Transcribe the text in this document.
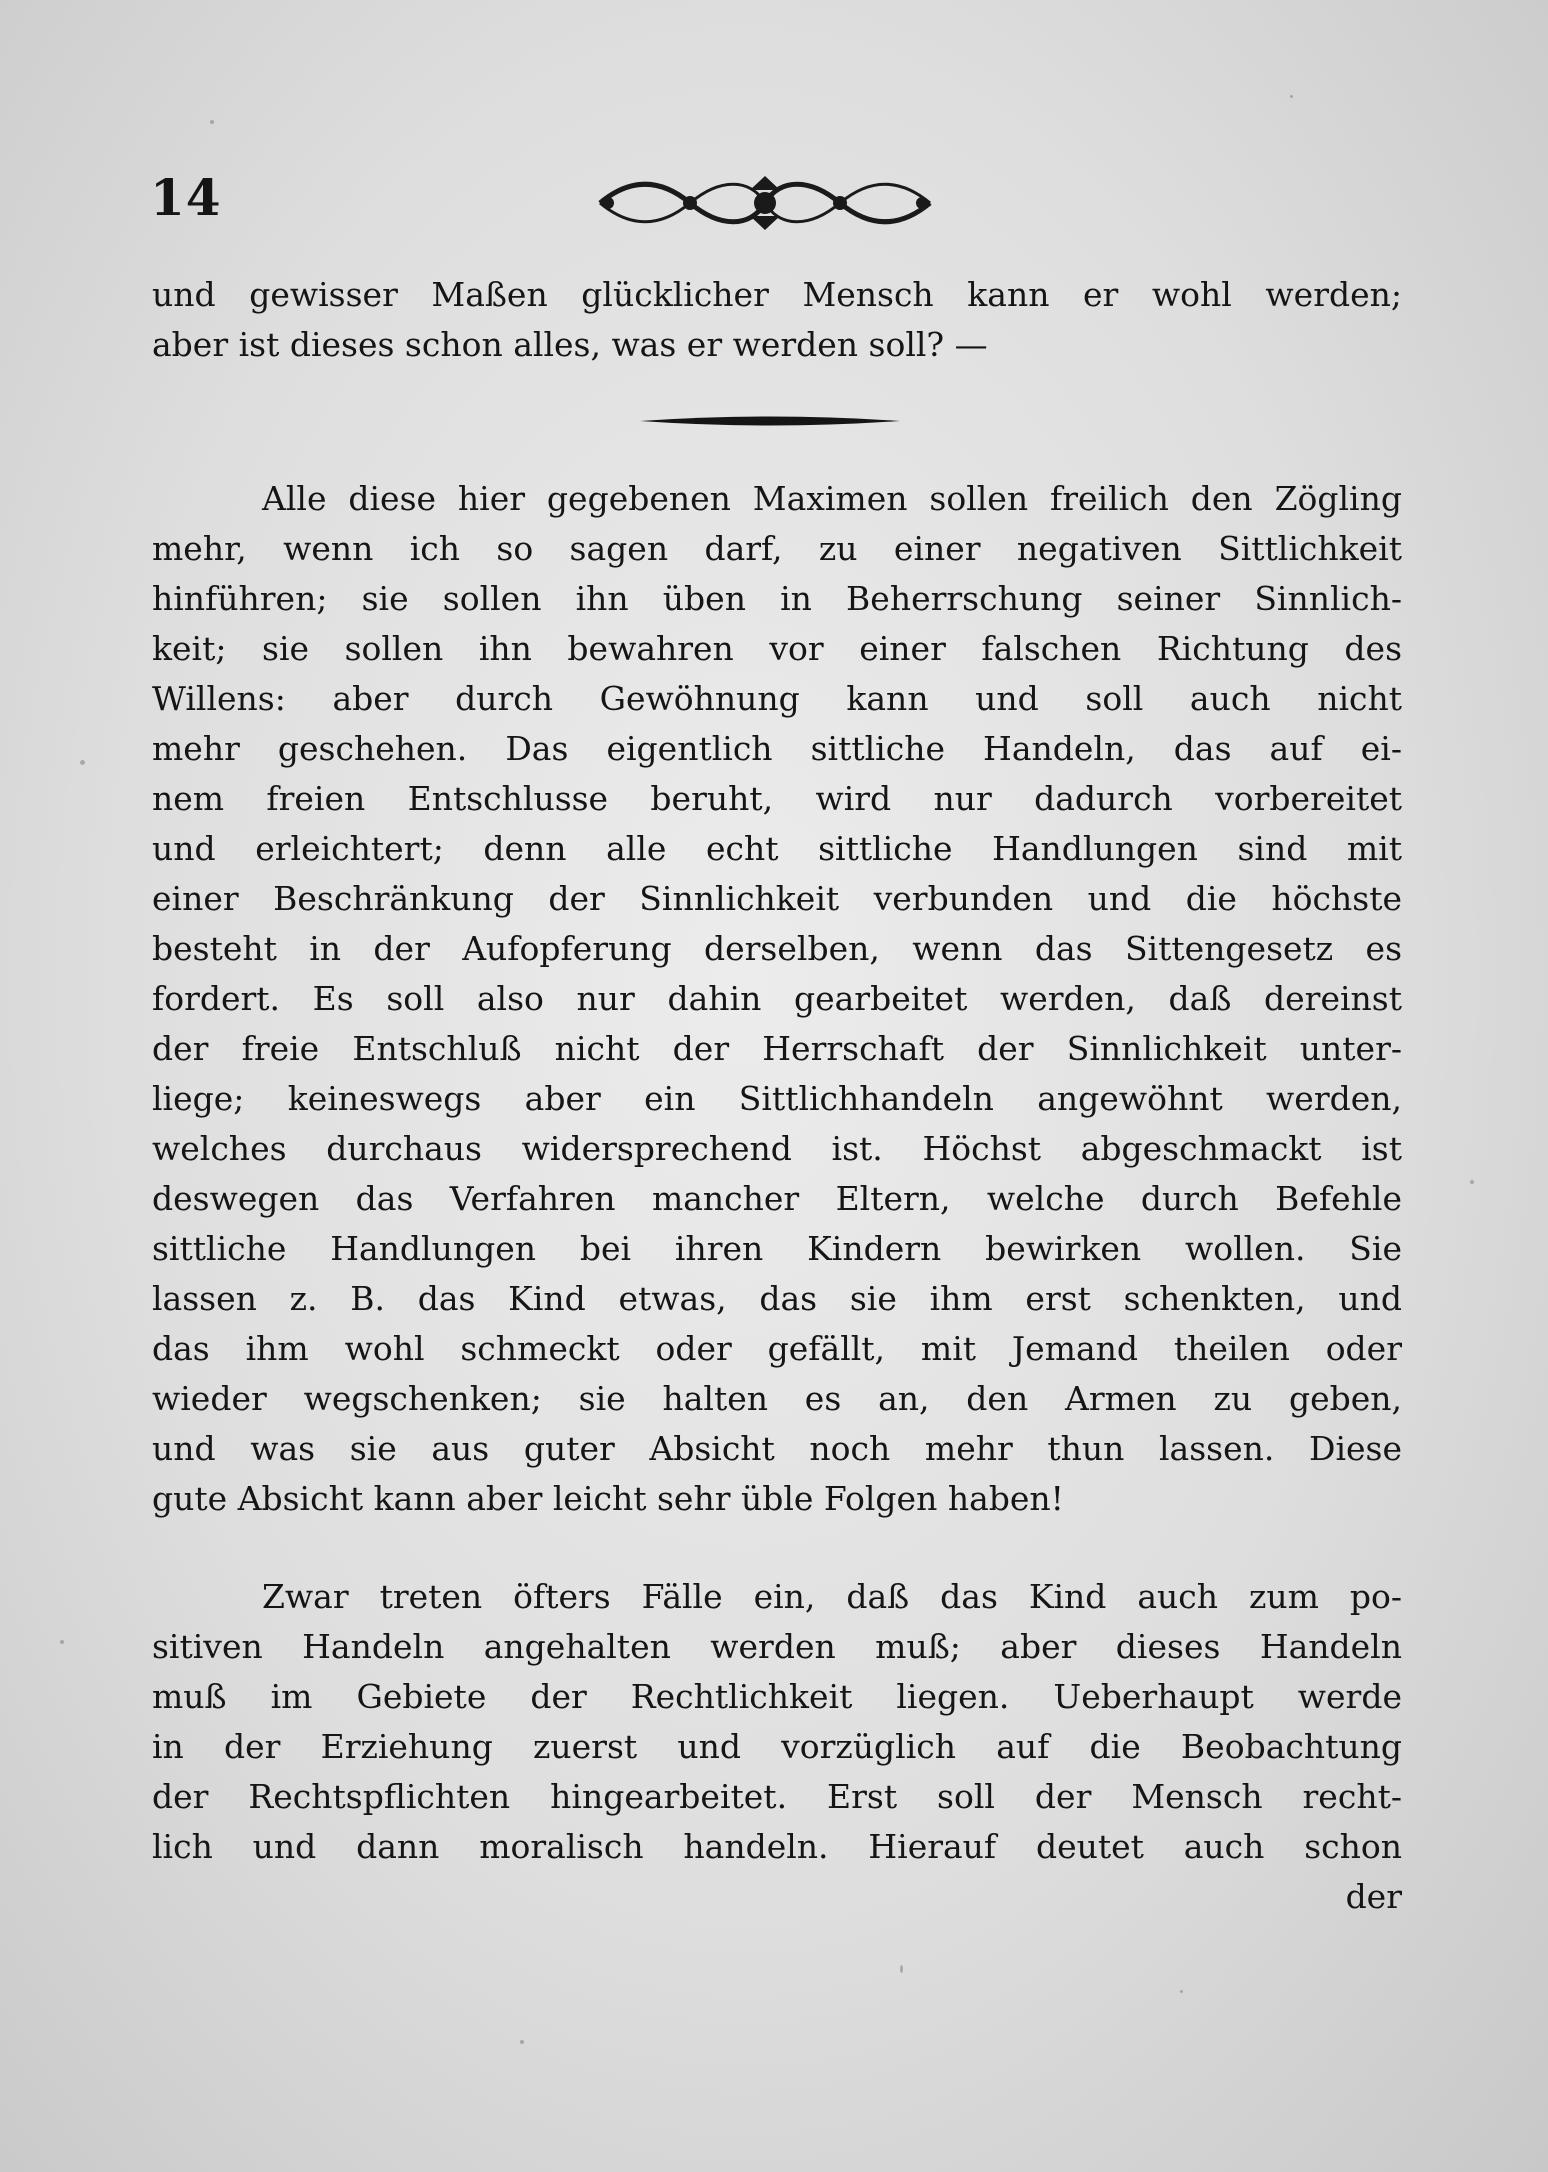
14
und gewisser Maßen glücklicher Mensch kann er wohl werden;
aber ist dieses schon alles, was er werden soll? —
Alle diese hier gegebenen Maximen sollen freilich den Zögling
mehr, wenn ich so sagen darf, zu einer negativen Sittlichkeit
hinführen; sie sollen ihn üben in Beherrschung seiner Sinnlich-
keit; sie sollen ihn bewahren vor einer falschen Richtung des
Willens: aber durch Gewöhnung kann und soll auch nicht
mehr geschehen. Das eigentlich sittliche Handeln, das auf ei-
nem freien Entschlusse beruht, wird nur dadurch vorbereitet
und erleichtert; denn alle echt sittliche Handlungen sind mit
einer Beschränkung der Sinnlichkeit verbunden und die höchste
besteht in der Aufopferung derselben, wenn das Sittengesetz es
fordert. Es soll also nur dahin gearbeitet werden, daß dereinst
der freie Entschluß nicht der Herrschaft der Sinnlichkeit unter-
liege; keineswegs aber ein Sittlichhandeln angewöhnt werden,
welches durchaus widersprechend ist. Höchst abgeschmackt ist
deswegen das Verfahren mancher Eltern, welche durch Befehle
sittliche Handlungen bei ihren Kindern bewirken wollen. Sie
lassen z. B. das Kind etwas, das sie ihm erst schenkten, und
das ihm wohl schmeckt oder gefällt, mit Jemand theilen oder
wieder wegschenken; sie halten es an, den Armen zu geben,
und was sie aus guter Absicht noch mehr thun lassen. Diese
gute Absicht kann aber leicht sehr üble Folgen haben!
Zwar treten öfters Fälle ein, daß das Kind auch zum po-
sitiven Handeln angehalten werden muß; aber dieses Handeln
muß im Gebiete der Rechtlichkeit liegen. Ueberhaupt werde
in der Erziehung zuerst und vorzüglich auf die Beobachtung
der Rechtspflichten hingearbeitet. Erst soll der Mensch recht-
lich und dann moralisch handeln. Hierauf deutet auch schon
der
